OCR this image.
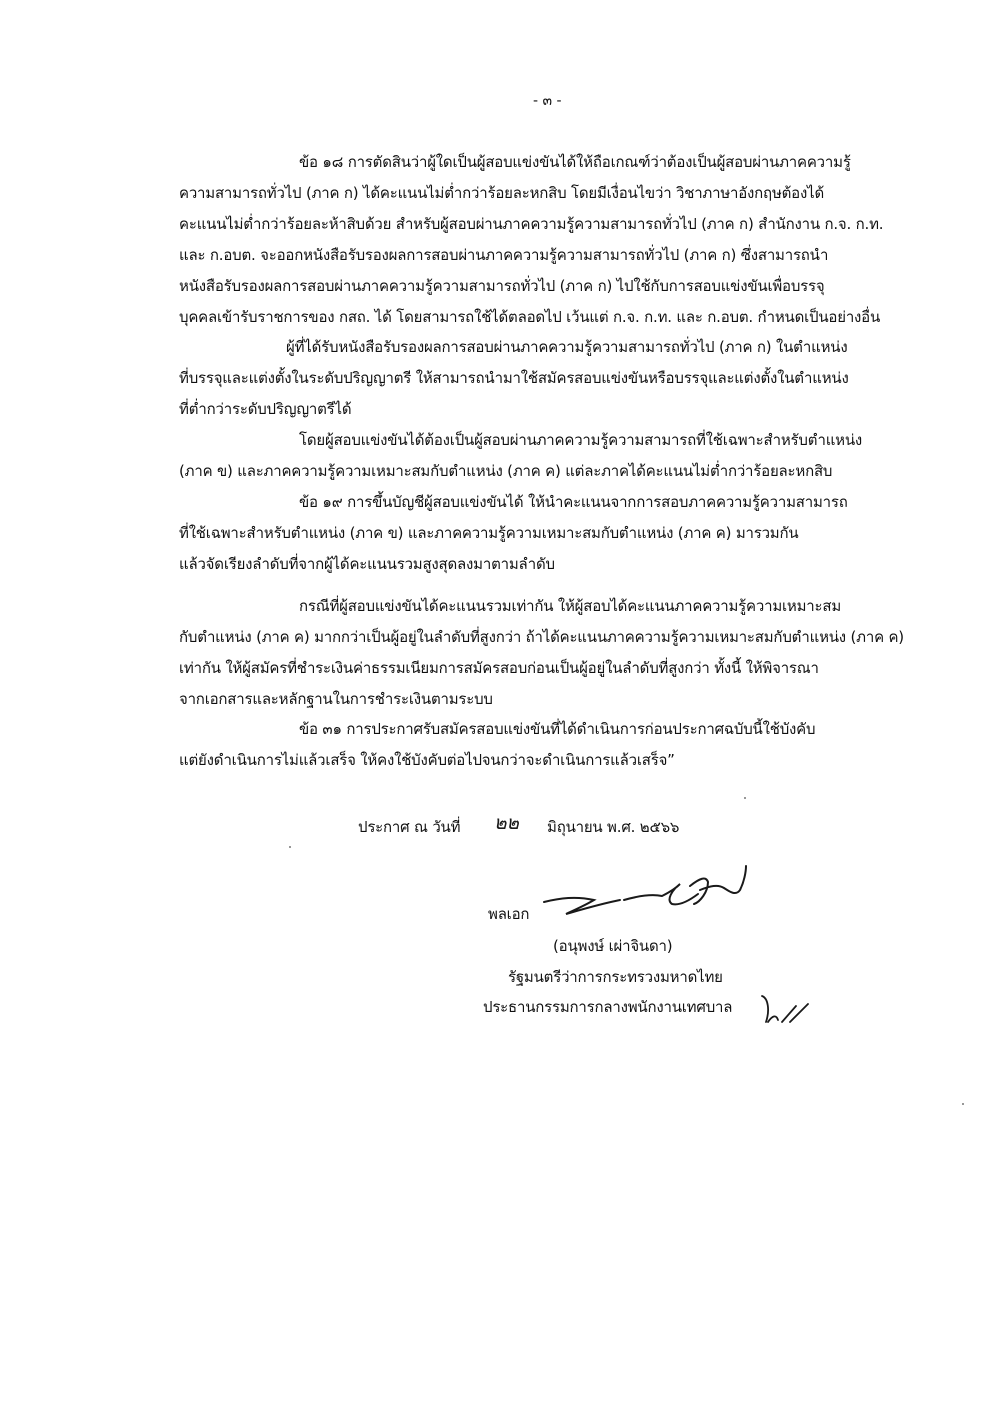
- ๓ -
ข้อ ๑๘ การตัดสินว่าผู้ใดเป็นผู้สอบแข่งขันได้ให้ถือเกณฑ์ว่าต้องเป็นผู้สอบผ่านภาคความรู้
ความสามารถทั่วไป (ภาค ก) ได้คะแนนไม่ต่ำกว่าร้อยละหกสิบ โดยมีเงื่อนไขว่า วิชาภาษาอังกฤษต้องได้
คะแนนไม่ต่ำกว่าร้อยละห้าสิบด้วย สำหรับผู้สอบผ่านภาคความรู้ความสามารถทั่วไป (ภาค ก) สำนักงาน ก.จ. ก.ท.
และ ก.อบต. จะออกหนังสือรับรองผลการสอบผ่านภาคความรู้ความสามารถทั่วไป (ภาค ก) ซึ่งสามารถนำ
หนังสือรับรองผลการสอบผ่านภาคความรู้ความสามารถทั่วไป (ภาค ก) ไปใช้กับการสอบแข่งขันเพื่อบรรจุ
บุคคลเข้ารับราชการของ กสถ. ได้ โดยสามารถใช้ได้ตลอดไป เว้นแต่ ก.จ. ก.ท. และ ก.อบต. กำหนดเป็นอย่างอื่น
ผู้ที่ได้รับหนังสือรับรองผลการสอบผ่านภาคความรู้ความสามารถทั่วไป (ภาค ก) ในตำแหน่ง
ที่บรรจุและแต่งตั้งในระดับปริญญาตรี ให้สามารถนำมาใช้สมัครสอบแข่งขันหรือบรรจุและแต่งตั้งในตำแหน่ง
ที่ต่ำกว่าระดับปริญญาตรีได้
โดยผู้สอบแข่งขันได้ต้องเป็นผู้สอบผ่านภาคความรู้ความสามารถที่ใช้เฉพาะสำหรับตำแหน่ง
(ภาค ข) และภาคความรู้ความเหมาะสมกับตำแหน่ง (ภาค ค) แต่ละภาคได้คะแนนไม่ต่ำกว่าร้อยละหกสิบ
ข้อ ๑๙ การขึ้นบัญชีผู้สอบแข่งขันได้ ให้นำคะแนนจากการสอบภาคความรู้ความสามารถ
ที่ใช้เฉพาะสำหรับตำแหน่ง (ภาค ข) และภาคความรู้ความเหมาะสมกับตำแหน่ง (ภาค ค) มารวมกัน
แล้วจัดเรียงลำดับที่จากผู้ได้คะแนนรวมสูงสุดลงมาตามลำดับ
กรณีที่ผู้สอบแข่งขันได้คะแนนรวมเท่ากัน ให้ผู้สอบได้คะแนนภาคความรู้ความเหมาะสม
กับตำแหน่ง (ภาค ค) มากกว่าเป็นผู้อยู่ในลำดับที่สูงกว่า ถ้าได้คะแนนภาคความรู้ความเหมาะสมกับตำแหน่ง (ภาค ค)
เท่ากัน ให้ผู้สมัครที่ชำระเงินค่าธรรมเนียมการสมัครสอบก่อนเป็นผู้อยู่ในลำดับที่สูงกว่า ทั้งนี้ ให้พิจารณา
จากเอกสารและหลักฐานในการชำระเงินตามระบบ
ข้อ ๓๑ การประกาศรับสมัครสอบแข่งขันที่ได้ดำเนินการก่อนประกาศฉบับนี้ใช้บังคับ
แต่ยังดำเนินการไม่แล้วเสร็จ ให้คงใช้บังคับต่อไปจนกว่าจะดำเนินการแล้วเสร็จ”
ประกาศ ณ วันที่ ๒๒ มิถุนายน พ.ศ. ๒๕๖๖
พลเอก
(อนุพงษ์ เผ่าจินดา)
รัฐมนตรีว่าการกระทรวงมหาดไทย
ประธานกรรมการกลางพนักงานเทศบาล
